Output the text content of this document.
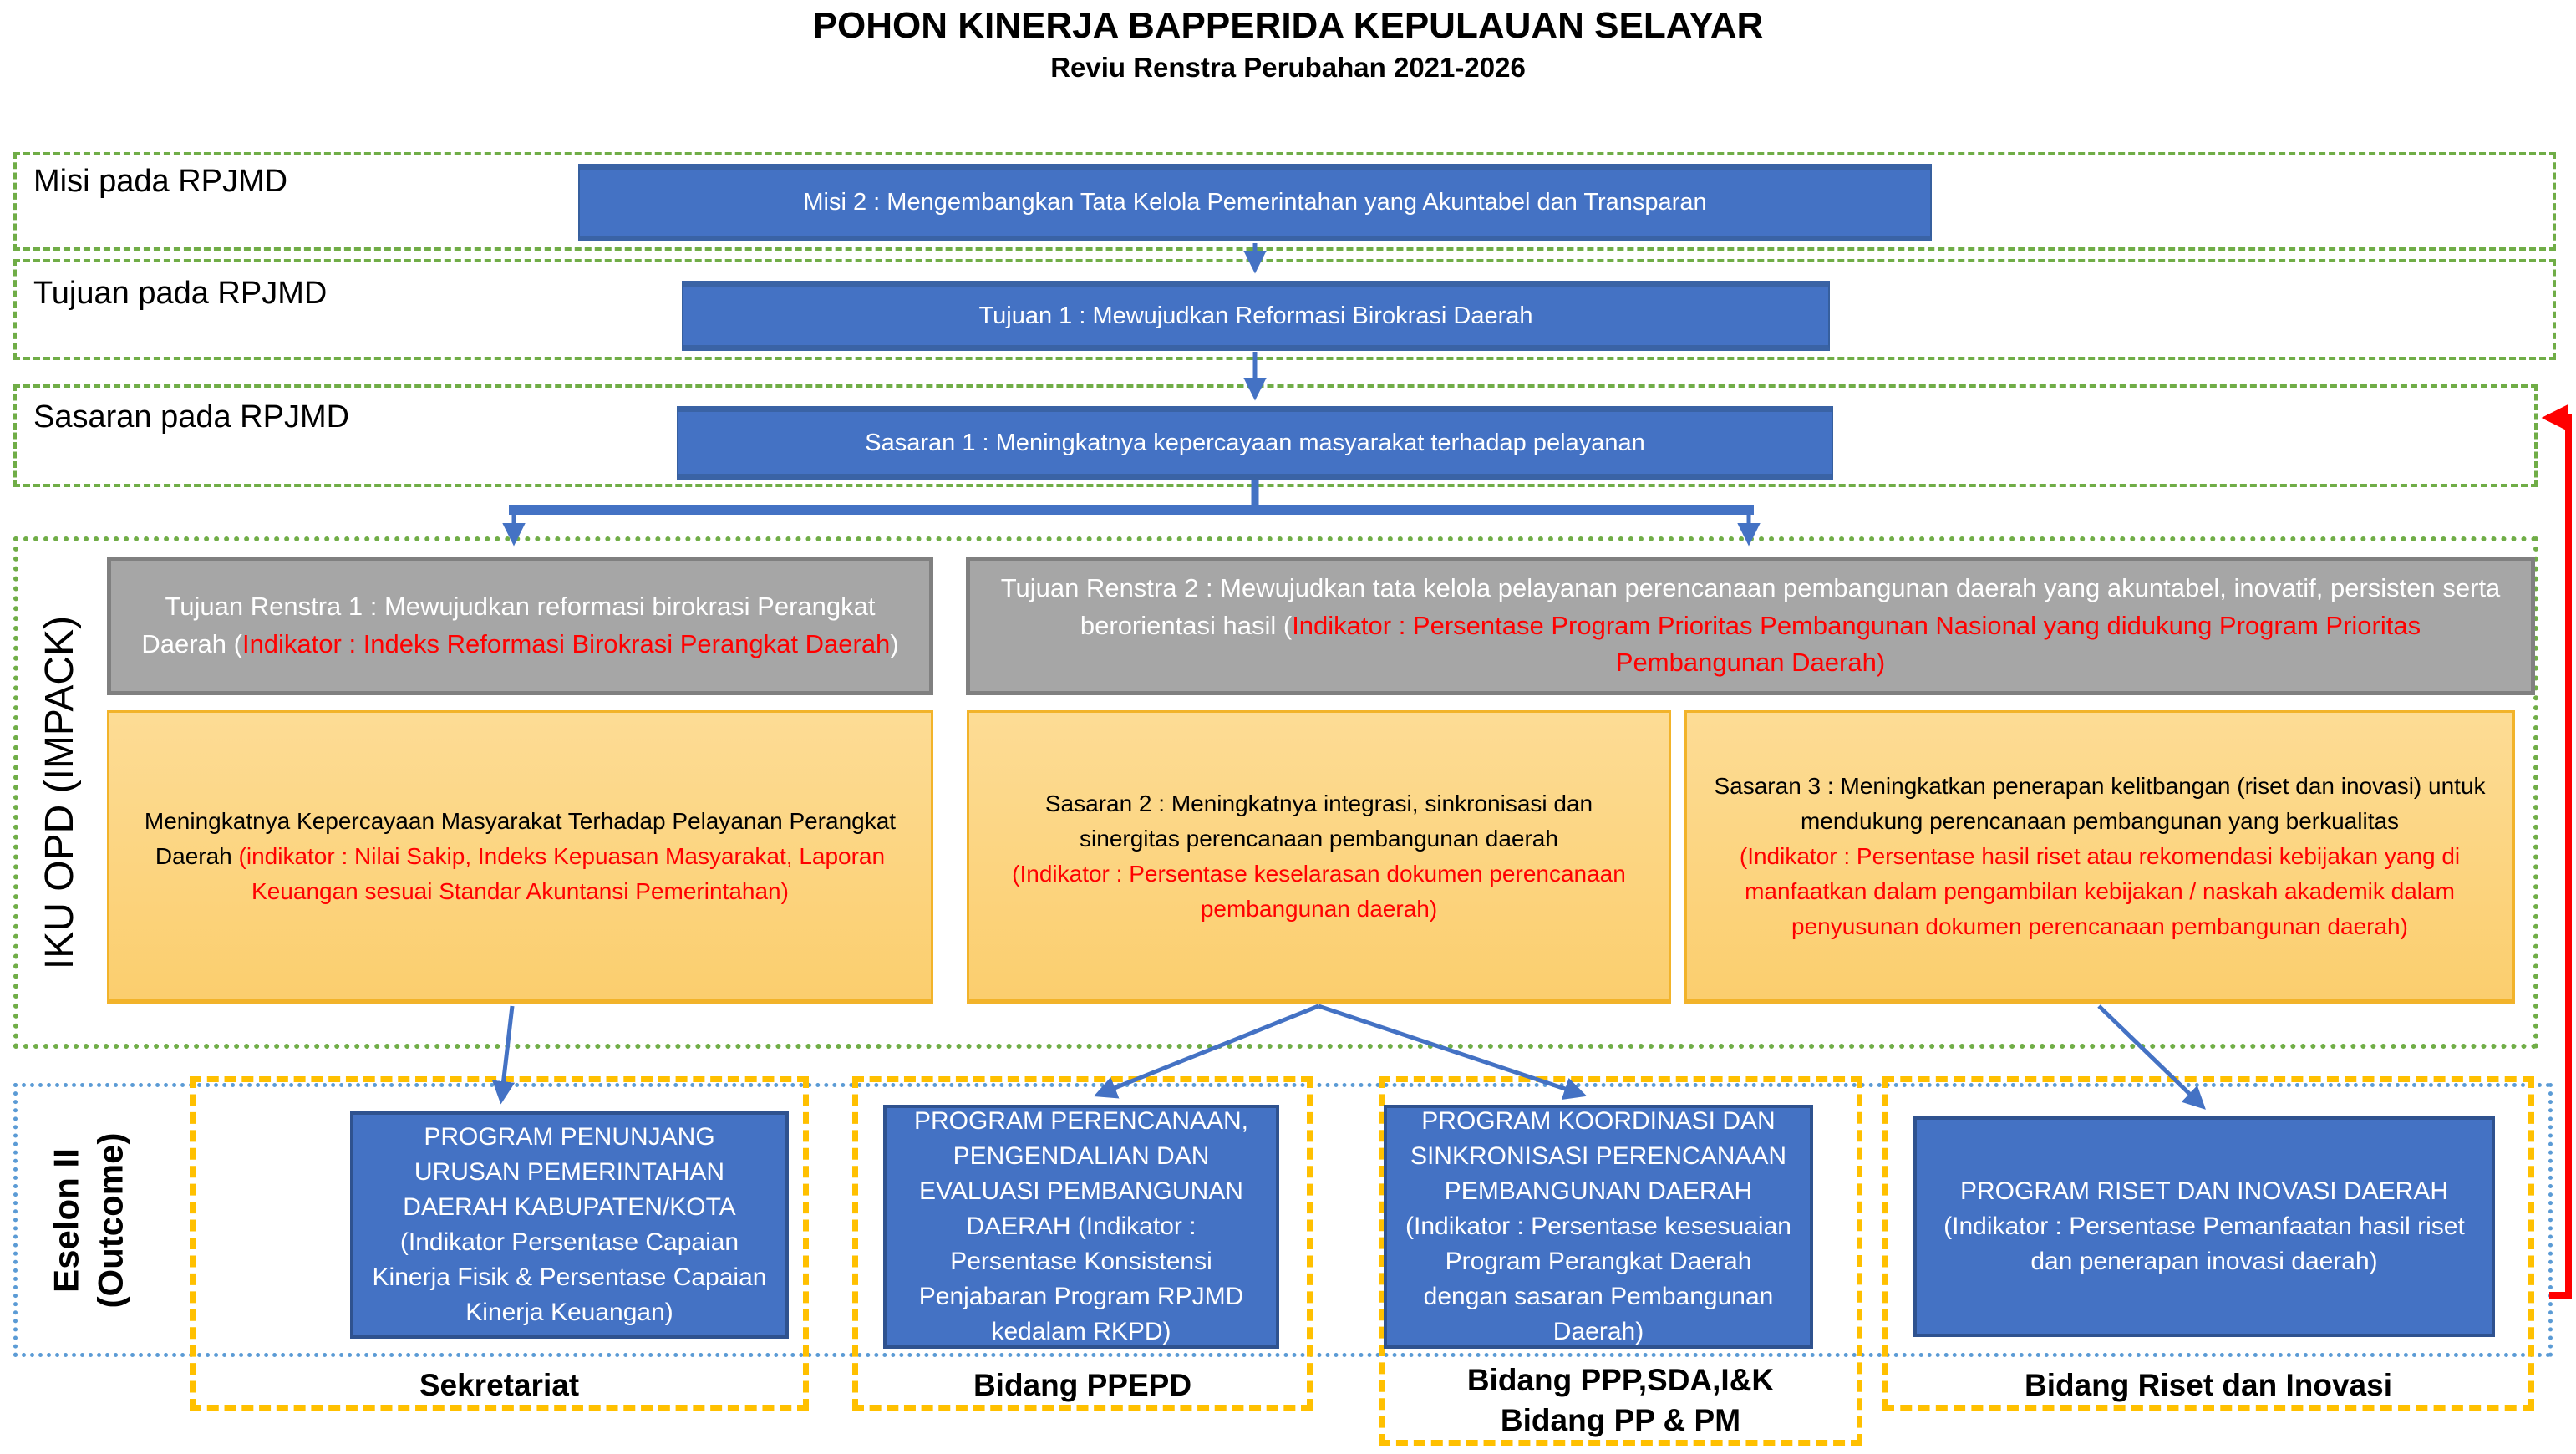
POHON KINERJA BAPPERIDA KEPULAUAN SELAYAR
Reviu Renstra Perubahan 2021-2026
Misi pada RPJMD
Tujuan pada RPJMD
Sasaran pada RPJMD
Misi 2 : Mengembangkan Tata Kelola Pemerintahan yang Akuntabel dan Transparan
Tujuan 1 : Mewujudkan Reformasi Birokrasi Daerah
Sasaran 1 : Meningkatnya kepercayaan masyarakat terhadap pelayanan
IKU OPD (IMPACK)
Tujuan Renstra 1 : Mewujudkan reformasi birokrasi Perangkat Daerah (Indikator : Indeks Reformasi Birokrasi Perangkat Daerah)
Tujuan Renstra 2 : Mewujudkan tata kelola pelayanan perencanaan pembangunan daerah yang akuntabel, inovatif, persisten serta berorientasi hasil (Indikator : Persentase Program Prioritas Pembangunan Nasional yang didukung Program Prioritas Pembangunan Daerah)
Meningkatnya Kepercayaan Masyarakat Terhadap Pelayanan Perangkat Daerah (indikator : Nilai Sakip, Indeks Kepuasan Masyarakat, Laporan Keuangan sesuai Standar Akuntansi Pemerintahan)
Sasaran 2 : Meningkatnya integrasi, sinkronisasi dan sinergitas perencanaan pembangunan daerah
(Indikator : Persentase keselarasan dokumen perencanaan pembangunan daerah)
Sasaran 3 : Meningkatkan penerapan kelitbangan (riset dan inovasi) untuk mendukung perencanaan pembangunan yang berkualitas
(Indikator : Persentase hasil riset atau rekomendasi kebijakan yang di manfaatkan dalam pengambilan kebijakan / naskah akademik dalam penyusunan dokumen perencanaan pembangunan daerah)
Eselon II (Outcome)	PROGRAM PENUNJANG URUSAN PEMERINTAHAN DAERAH KABUPATEN/KOTA (Indikator Persentase Capaian Kinerja Fisik & Persentase Capaian Kinerja Keuangan)
PROGRAM PERENCANAAN, PENGENDALIAN DAN EVALUASI PEMBANGUNAN DAERAH (Indikator : Persentase Konsistensi Penjabaran Program RPJMD kedalam RKPD)
PROGRAM KOORDINASI DAN SINKRONISASI PERENCANAAN PEMBANGUNAN DAERAH (Indikator : Persentase kesesuaian Program Perangkat Daerah dengan sasaran Pembangunan Daerah)
PROGRAM RISET DAN INOVASI DAERAH (Indikator : Persentase Pemanfaatan hasil riset dan penerapan inovasi daerah)
Sekretariat	Bidang PPEPD	Bidang PPP,SDA,I&K
Bidang PP & PM
Bidang Riset dan Inovasi
